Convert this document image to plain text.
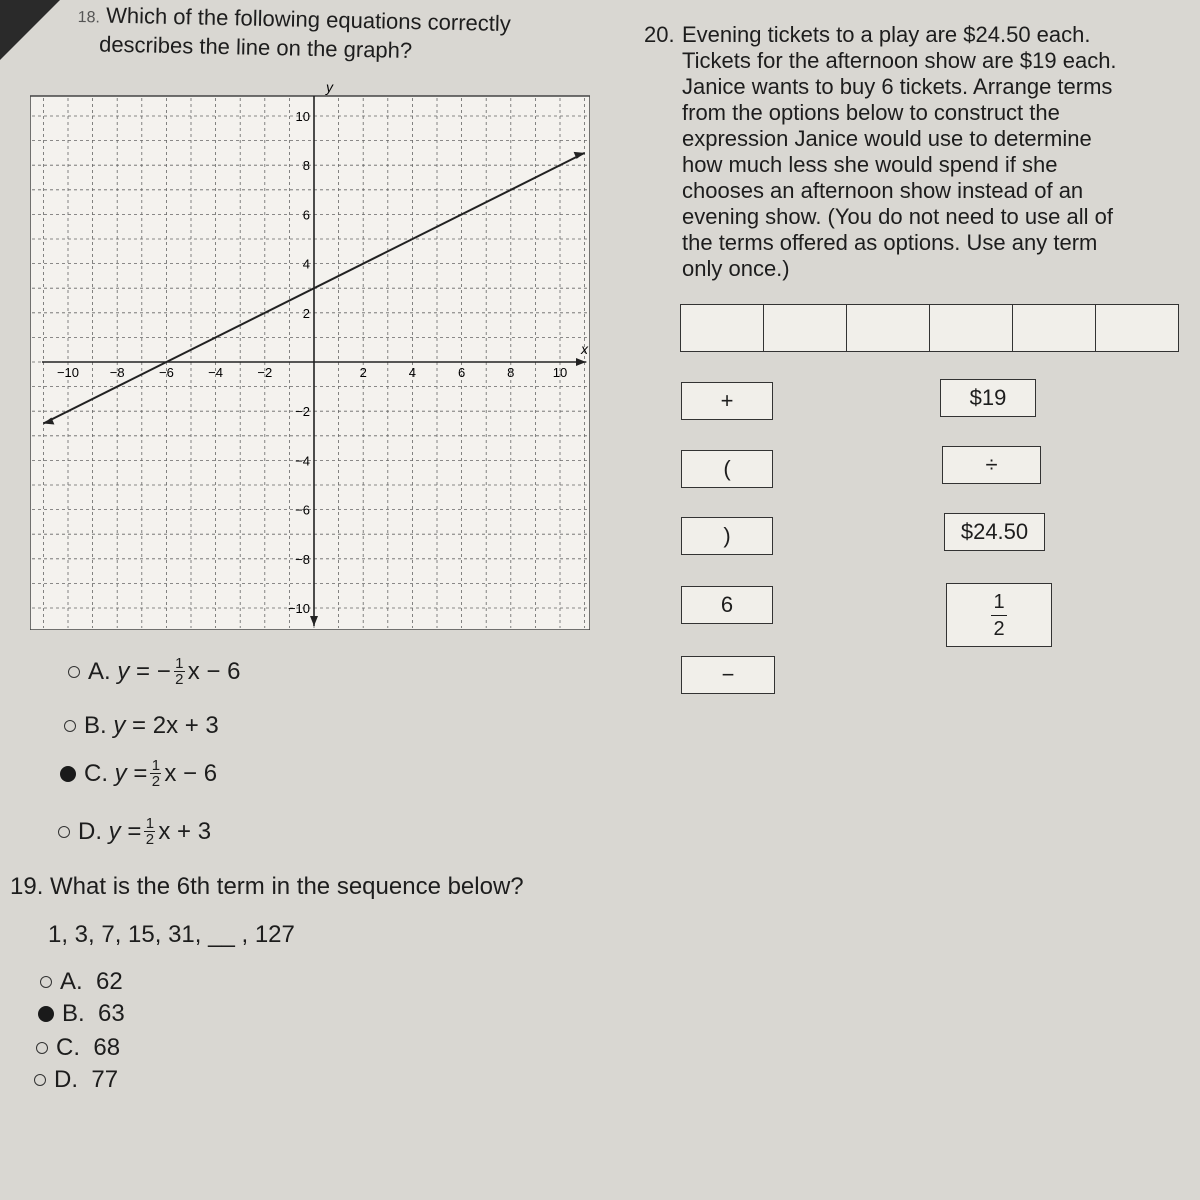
18. Which of the following equations correctly
describes the line on the graph?
x
y
−10 −8	−6	−4	−2	2	4	6	8	10
10
8
6
4
2
−2
−4
−6
−8
−10
A.
y
= − $\frac{1}{2}$ x − 6
B.
y
= 2x + 3
C.
y
= $\frac{1}{2}$ x − 6
D.
y
= $\frac{1}{2}$ x + 3
19. What is the 6th term in the sequence below?
1, 3, 7, 15, 31, __ , 127
A.
62
B.
63
C.
68
D.
77
20. Evening tickets to a play are $24.50 each.
Tickets for the afternoon show are $19 each.
Janice wants to buy 6 tickets. Arrange terms
from the options below to construct the
expression Janice would use to determine
how much less she would spend if she
chooses an afternoon show instead of an
evening show. (You do not need to use all of
the terms offered as options. Use any term
only once.)
+
(
)
6
−
$19
÷
$24.50
1
2
